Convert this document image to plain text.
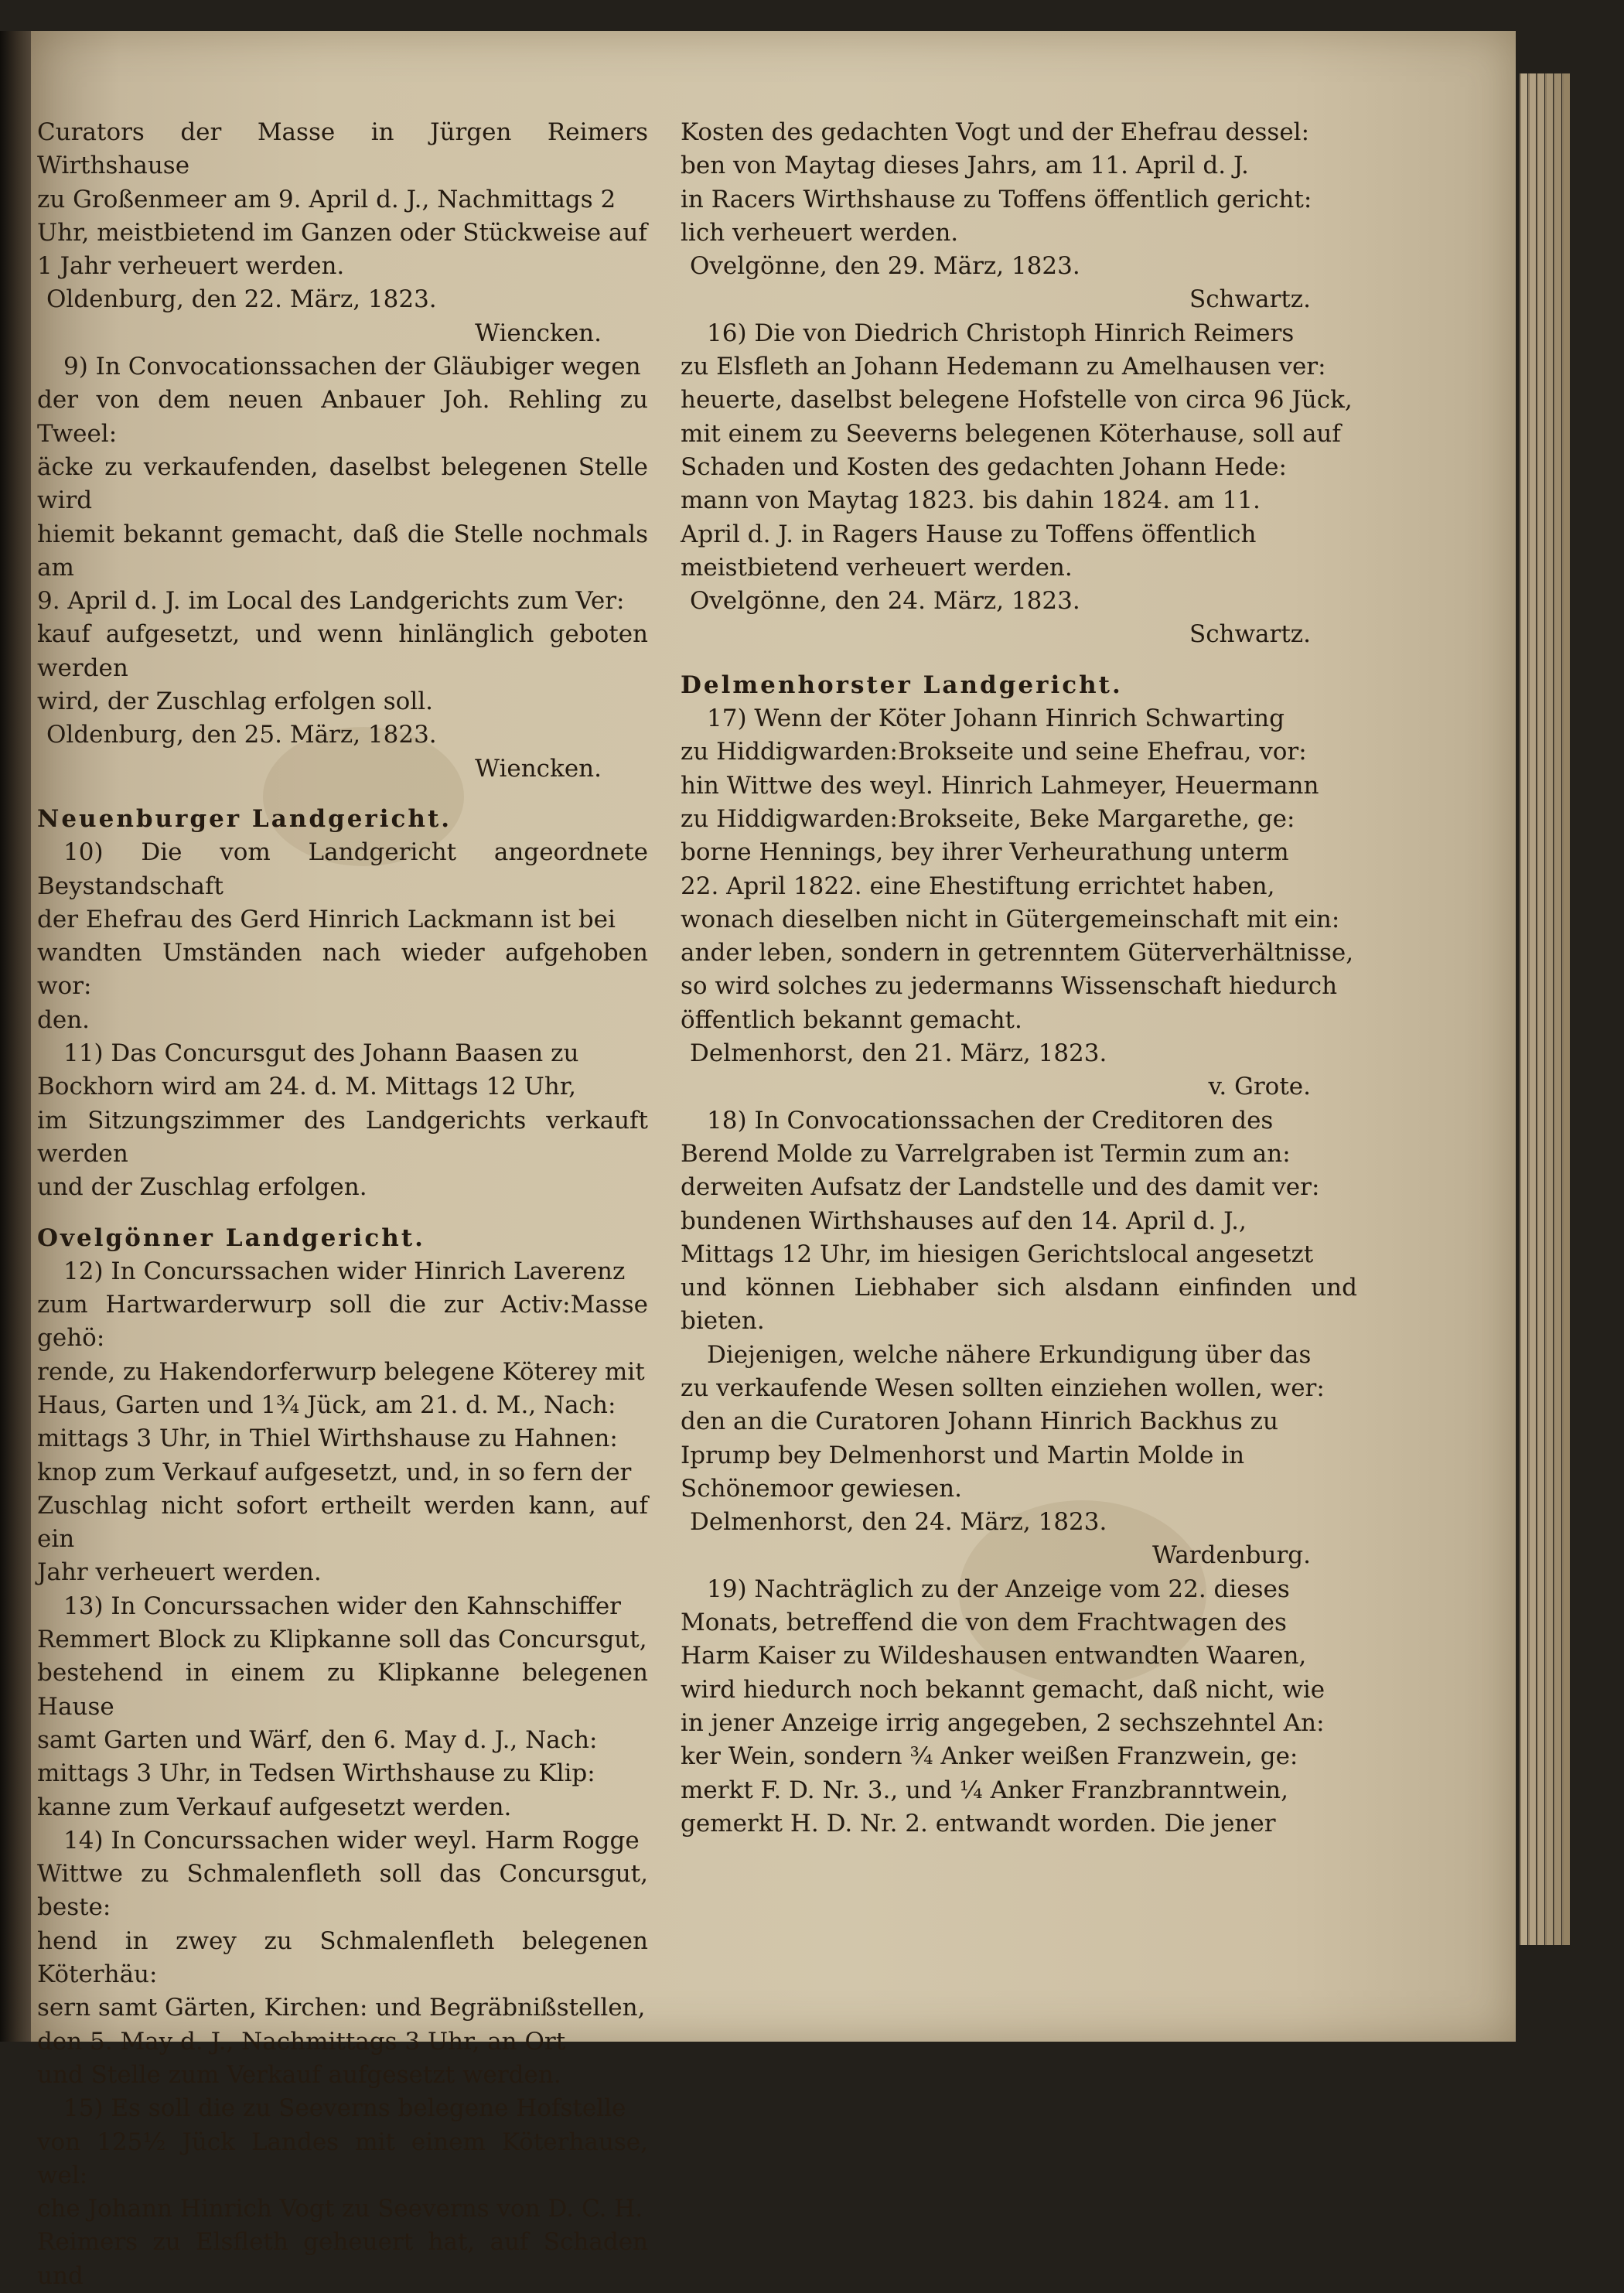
Curators der Masse in Jürgen Reimers Wirthshause

zu Großenmeer am 9. April d. J., Nachmittags 2

Uhr, meistbietend im Ganzen oder Stückweise auf

1 Jahr verheuert werden.

Oldenburg, den 22. März, 1823.

Wiencken.

9) In Convocationssachen der Gläubiger wegen

der von dem neuen Anbauer Joh. Rehling zu Tweel:

äcke zu verkaufenden, daselbst belegenen Stelle wird

hiemit bekannt gemacht, daß die Stelle nochmals am

9. April d. J. im Local des Landgerichts zum Ver:

kauf aufgesetzt, und wenn hinlänglich geboten werden

wird, der Zuschlag erfolgen soll.

Oldenburg, den 25. März, 1823.

Wiencken.

Neuenburger Landgericht.

10) Die vom Landgericht angeordnete Beystandschaft

der Ehefrau des Gerd Hinrich Lackmann ist bei

wandten Umständen nach wieder aufgehoben wor:

den.

11) Das Concursgut des Johann Baasen zu

Bockhorn wird am 24. d. M. Mittags 12 Uhr,

im Sitzungszimmer des Landgerichts verkauft werden

und der Zuschlag erfolgen.

Ovelgönner Landgericht.

12) In Concurssachen wider Hinrich Laverenz

zum Hartwarderwurp soll die zur Activ:Masse gehö:

rende, zu Hakendorferwurp belegene Köterey mit

Haus, Garten und 1¾ Jück, am 21. d. M., Nach:

mittags 3 Uhr, in Thiel Wirthshause zu Hahnen:

knop zum Verkauf aufgesetzt, und, in so fern der

Zuschlag nicht sofort ertheilt werden kann, auf ein

Jahr verheuert werden.

13) In Concurssachen wider den Kahnschiffer

Remmert Block zu Klipkanne soll das Concursgut,

bestehend in einem zu Klipkanne belegenen Hause

samt Garten und Wärf, den 6. May d. J., Nach:

mittags 3 Uhr, in Tedsen Wirthshause zu Klip:

kanne zum Verkauf aufgesetzt werden.

14) In Concurssachen wider weyl. Harm Rogge

Wittwe zu Schmalenfleth soll das Concursgut, beste:

hend in zwey zu Schmalenfleth belegenen Köterhäu:

sern samt Gärten, Kirchen: und Begräbnißstellen,

den 5. May d. J., Nachmittags 3 Uhr, an Ort

und Stelle zum Verkauf aufgesetzt werden.

15) Es soll die zu Seeverns belegene Hofstelle

von 125½ Jück Landes mit einem Köterhause, wel:

che Johann Hinrich Vogt zu Seeverns von D. C. H.

Reimers zu Elsfleth geheuert hat, auf Schaden und

Kosten des gedachten Vogt und der Ehefrau dessel:

ben von Maytag dieses Jahrs, am 11. April d. J.

in Racers Wirthshause zu Toffens öffentlich gericht:

lich verheuert werden.

Ovelgönne, den 29. März, 1823.

Schwartz.

16) Die von Diedrich Christoph Hinrich Reimers

zu Elsfleth an Johann Hedemann zu Amelhausen ver:

heuerte, daselbst belegene Hofstelle von circa 96 Jück,

mit einem zu Seeverns belegenen Köterhause, soll auf

Schaden und Kosten des gedachten Johann Hede:

mann von Maytag 1823. bis dahin 1824. am 11.

April d. J. in Ragers Hause zu Toffens öffentlich

meistbietend verheuert werden.

Ovelgönne, den 24. März, 1823.

Schwartz.

Delmenhorster Landgericht.

17) Wenn der Köter Johann Hinrich Schwarting

zu Hiddigwarden:Brokseite und seine Ehefrau, vor:

hin Wittwe des weyl. Hinrich Lahmeyer, Heuermann

zu Hiddigwarden:Brokseite, Beke Margarethe, ge:

borne Hennings, bey ihrer Verheurathung unterm

22. April 1822. eine Ehestiftung errichtet haben,

wonach dieselben nicht in Gütergemeinschaft mit ein:

ander leben, sondern in getrenntem Güterverhältnisse,

so wird solches zu jedermanns Wissenschaft hiedurch

öffentlich bekannt gemacht.

Delmenhorst, den 21. März, 1823.

v. Grote.

18) In Convocationssachen der Creditoren des

Berend Molde zu Varrelgraben ist Termin zum an:

derweiten Aufsatz der Landstelle und des damit ver:

bundenen Wirthshauses auf den 14. April d. J.,

Mittags 12 Uhr, im hiesigen Gerichtslocal angesetzt

und können Liebhaber sich alsdann einfinden und bieten.

Diejenigen, welche nähere Erkundigung über das

zu verkaufende Wesen sollten einziehen wollen, wer:

den an die Curatoren Johann Hinrich Backhus zu

Iprump bey Delmenhorst und Martin Molde in

Schönemoor gewiesen.

Delmenhorst, den 24. März, 1823.

Wardenburg.

19) Nachträglich zu der Anzeige vom 22. dieses

Monats, betreffend die von dem Frachtwagen des

Harm Kaiser zu Wildeshausen entwandten Waaren,

wird hiedurch noch bekannt gemacht, daß nicht, wie

in jener Anzeige irrig angegeben, 2 sechszehntel An:

ker Wein, sondern ¾ Anker weißen Franzwein, ge:

merkt F. D. Nr. 3., und ¼ Anker Franzbranntwein,

gemerkt H. D. Nr. 2. entwandt worden. Die jener
